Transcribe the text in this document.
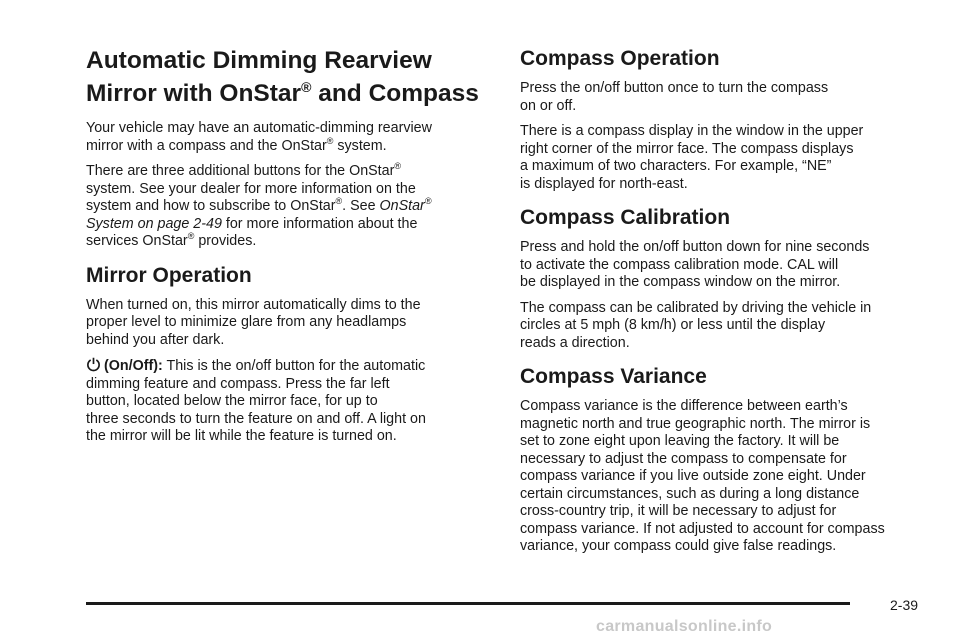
Automatic Dimming Rearview Mirror with OnStar® and Compass

Your vehicle may have an automatic-dimming rearview
mirror with a compass and the OnStar® system.

There are three additional buttons for the OnStar®
system. See your dealer for more information on the
system and how to subscribe to OnStar®. See OnStar®
System on page 2-49 for more information about the
services OnStar® provides.

Mirror Operation

When turned on, this mirror automatically dims to the
proper level to minimize glare from any headlamps
behind you after dark.

(On/Off): This is the on/off button for the automatic
dimming feature and compass. Press the far left
button, located below the mirror face, for up to
three seconds to turn the feature on and off. A light on
the mirror will be lit while the feature is turned on.

Compass Operation

Press the on/off button once to turn the compass
on or off.

There is a compass display in the window in the upper
right corner of the mirror face. The compass displays
a maximum of two characters. For example, “NE”
is displayed for north-east.

Compass Calibration

Press and hold the on/off button down for nine seconds
to activate the compass calibration mode. CAL will
be displayed in the compass window on the mirror.

The compass can be calibrated by driving the vehicle in
circles at 5 mph (8 km/h) or less until the display
reads a direction.

Compass Variance

Compass variance is the difference between earth’s
magnetic north and true geographic north. The mirror is
set to zone eight upon leaving the factory. It will be
necessary to adjust the compass to compensate for
compass variance if you live outside zone eight. Under
certain circumstances, such as during a long distance
cross-country trip, it will be necessary to adjust for
compass variance. If not adjusted to account for compass
variance, your compass could give false readings.

2-39
carmanualsonline.info
